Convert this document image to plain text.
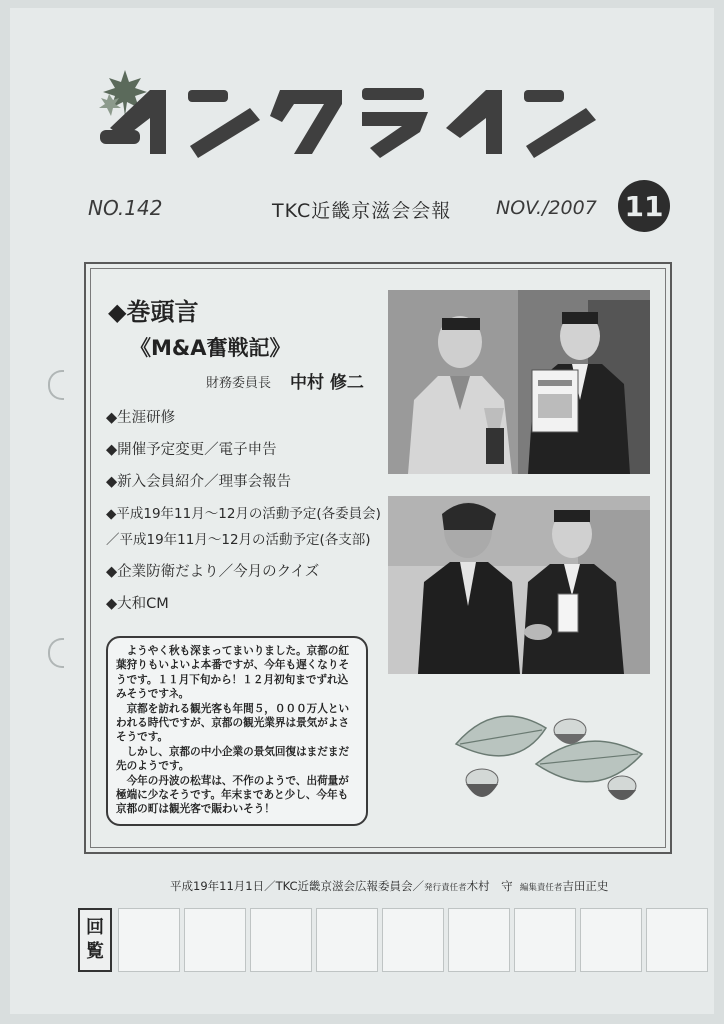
NO.142	TKC近畿京滋会会報 NOV./2007 11
◆巻頭言
《M&A奮戦記》
財務委員長 中村 修二
◆生涯研修
◆開催予定変更／電子申告
◆新入会員紹介／理事会報告
◆平成19年11月～12月の活動予定(各委員会)
／平成19年11月～12月の活動予定(各支部)
◆企業防衛だより／今月のクイズ
◆大和CM

　ようやく秋も深まってまいりました。京都の紅葉狩りもいよいよ本番ですが、今年も遅くなりそうです。１１月下旬から！１２月初旬までずれ込みそうですネ。

　京都を訪れる観光客も年間５，０００万人といわれる時代ですが、京都の観光業界は景気がよさそうです。

　しかし、京都の中小企業の景気回復はまだまだ先のようです。

　今年の丹波の松茸は、不作のようで、出荷量が極端に少なそうです。年末まであと少し、今年も京都の町は観光客で賑わいそう！

平成19年11月1日／TKC近畿京滋会広報委員会／発行責任者木村　守 編集責任者吉田正史
回
覧
